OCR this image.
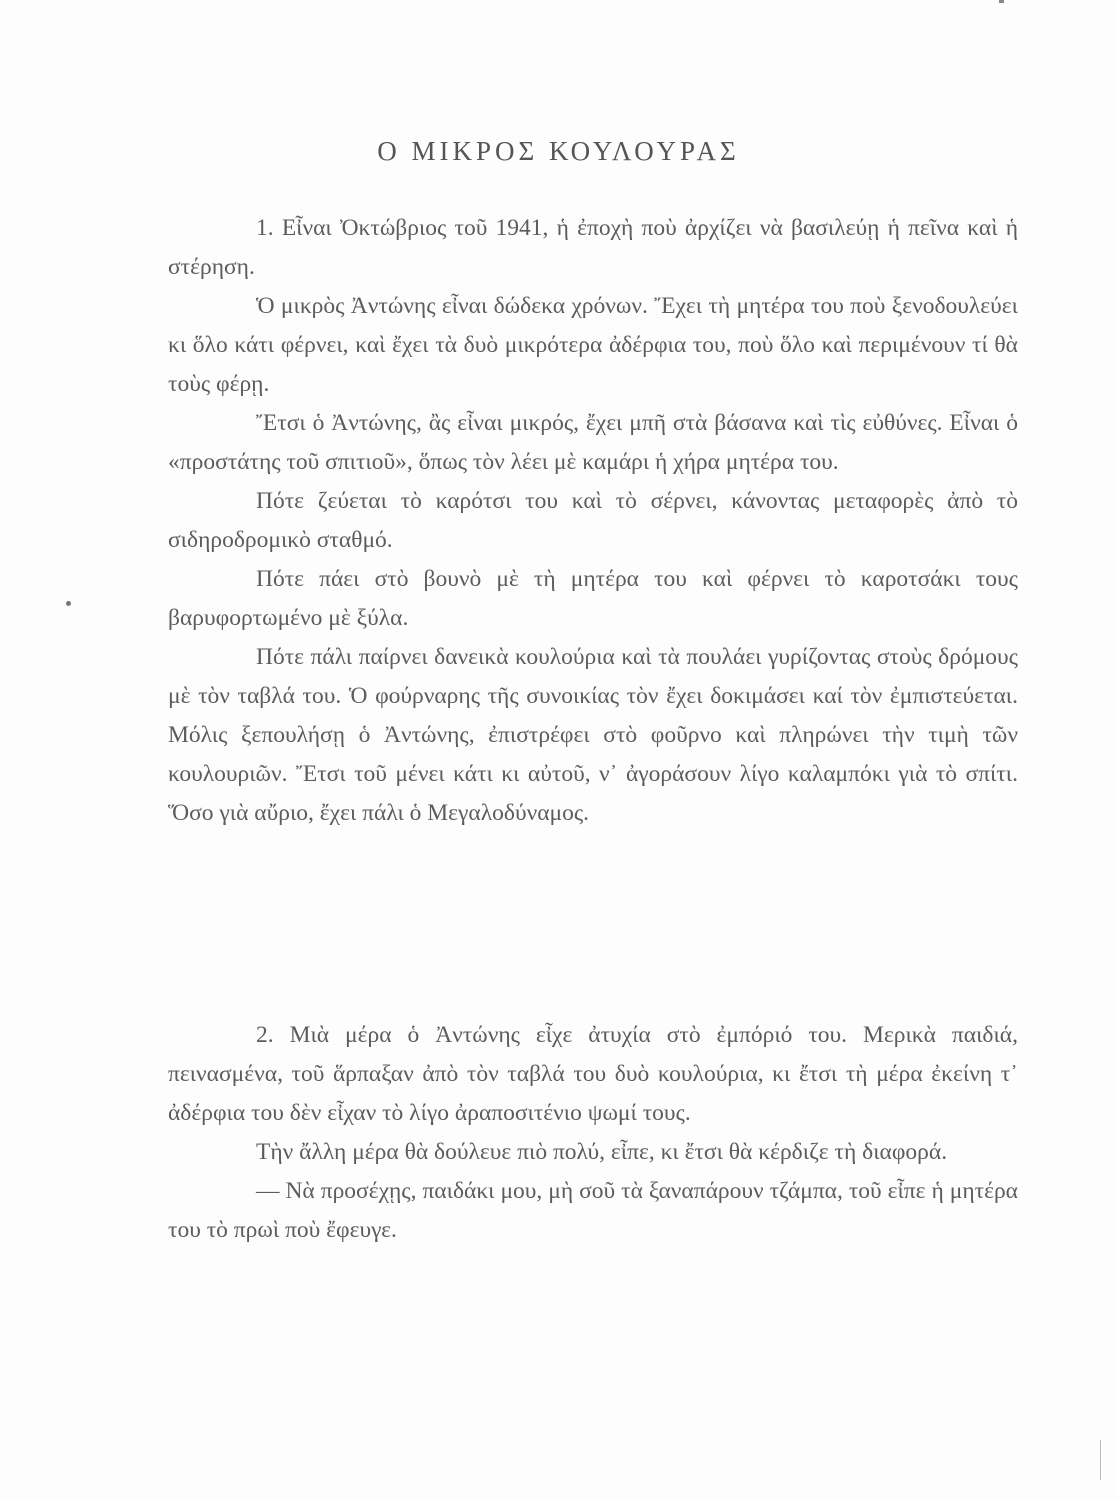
Ο ΜΙΚΡΟΣ ΚΟΥΛΟΥΡΑΣ

1. Εἶναι Ὀκτώβριος τοῦ 1941, ἡ ἐποχὴ ποὺ ἀρχίζει νὰ βασιλεύῃ ἡ πεῖνα καὶ ἡ στέρηση.

Ὁ μικρὸς Ἀντώνης εἶναι δώδεκα χρόνων. Ἔχει τὴ μητέρα του ποὺ ξενοδουλεύει κι ὅλο κάτι φέρνει, καὶ ἔχει τὰ δυὸ μικρότερα ἀδέρφια του, ποὺ ὅλο καὶ περιμένουν τί θὰ τοὺς φέρῃ.

Ἔτσι ὁ Ἀντώνης, ἂς εἶναι μικρός, ἔχει μπῆ στὰ βάσανα καὶ τὶς εὐθύνες. Εἶναι ὁ «προστάτης τοῦ σπιτιοῦ», ὅπως τὸν λέει μὲ καμάρι ἡ χήρα μητέρα του.

Πότε ζεύεται τὸ καρότσι του καὶ τὸ σέρνει, κάνοντας μεταφορὲς ἀπὸ τὸ σιδηροδρομικὸ σταθμό.

Πότε πάει στὸ βουνὸ μὲ τὴ μητέρα του καὶ φέρνει τὸ καροτσάκι τους βαρυφορτωμένο μὲ ξύλα.

Πότε πάλι παίρνει δανεικὰ κουλούρια καὶ τὰ πουλάει γυρίζοντας στοὺς δρόμους μὲ τὸν ταβλά του. Ὁ φούρναρης τῆς συνοικίας τὸν ἔχει δοκιμάσει καί τὸν ἐμπιστεύεται. Μόλις ξεπουλήσῃ ὁ Ἀντώνης, ἐπιστρέφει στὸ φοῦρνο καὶ πληρώνει τὴν τιμὴ τῶν κουλουριῶν. Ἔτσι τοῦ μένει κάτι κι αὐτοῦ, ν᾿ ἀγοράσουν λίγο καλαμπόκι γιὰ τὸ σπίτι. Ὅσο γιὰ αὔριο, ἔχει πάλι ὁ Μεγαλοδύναμος.

2. Μιὰ μέρα ὁ Ἀντώνης εἶχε ἀτυχία στὸ ἐμπόριό του. Μερικὰ παιδιά, πεινασμένα, τοῦ ἅρπαξαν ἀπὸ τὸν ταβλά του δυὸ κουλούρια, κι ἔτσι τὴ μέρα ἐκείνη τ᾿ ἀδέρφια του δὲν εἶχαν τὸ λίγο ἀραποσιτένιο ψωμί τους.

Τὴν ἄλλη μέρα θὰ δούλευε πιὸ πολύ, εἶπε, κι ἔτσι θὰ κέρδιζε τὴ διαφορά.

— Νὰ προσέχῃς, παιδάκι μου, μὴ σοῦ τὰ ξαναπάρουν τζάμπα, τοῦ εἶπε ἡ μητέρα του τὸ πρωὶ ποὺ ἔφευγε.
